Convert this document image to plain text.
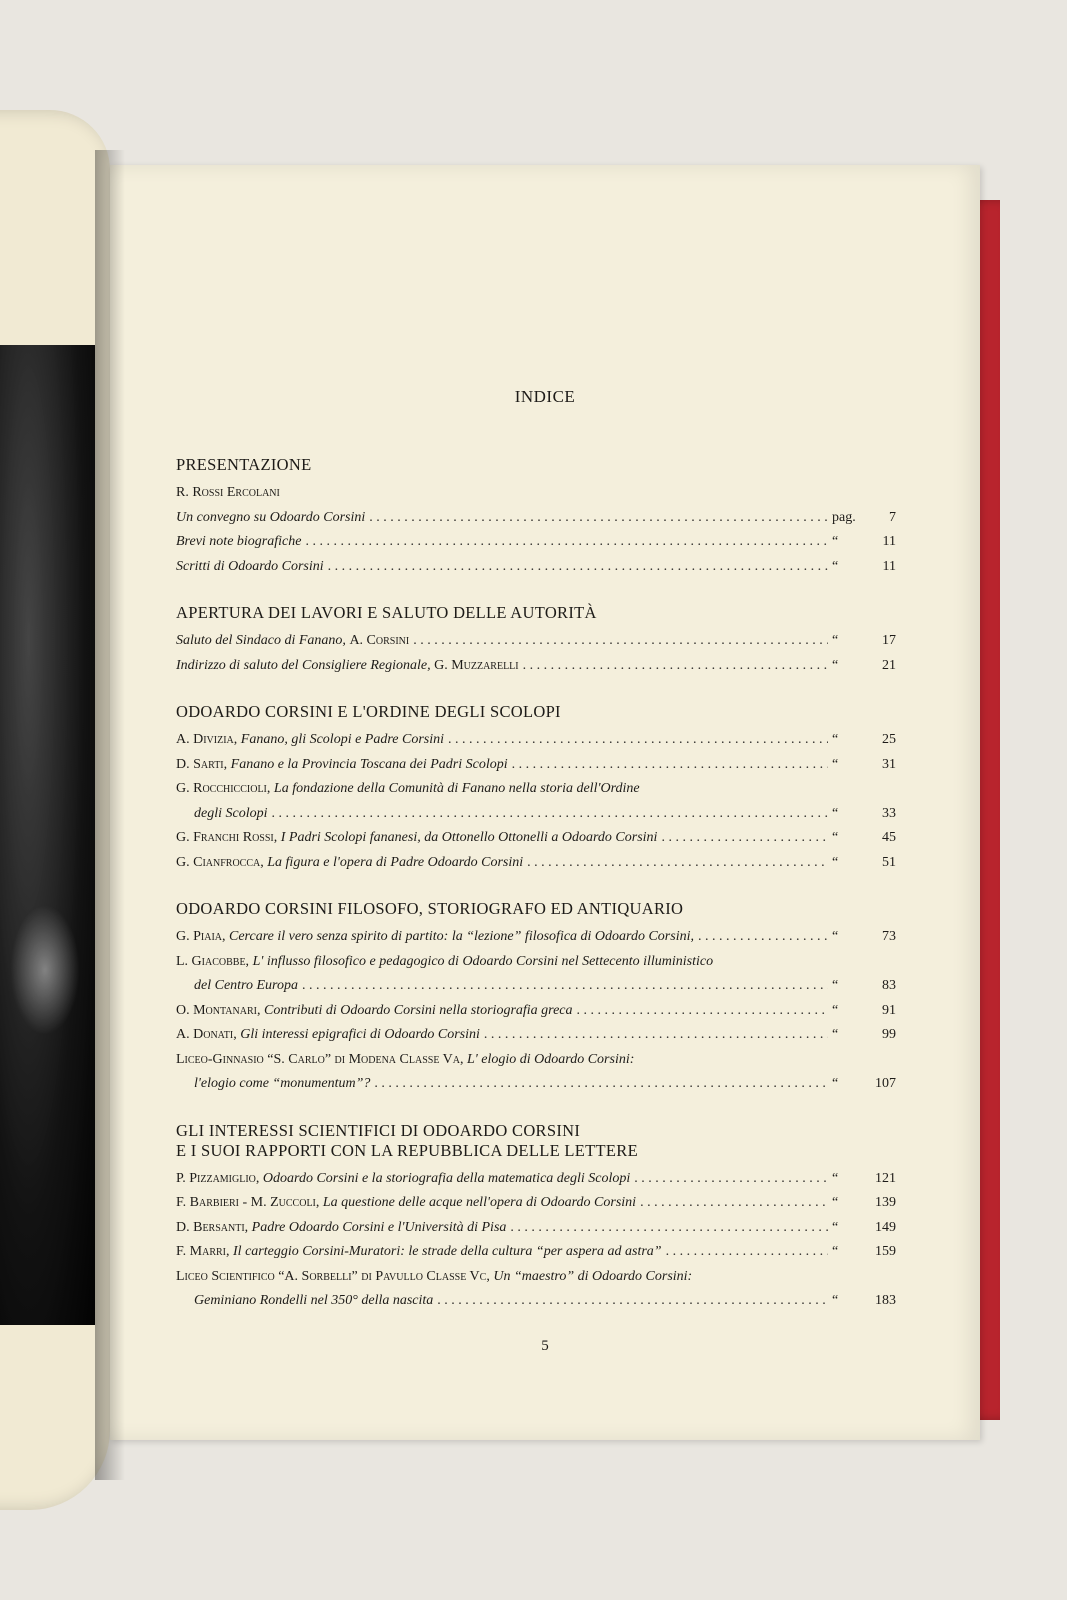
INDICE
PRESENTAZIONE
R. Rossi Ercolani
Un convegno su Odoardo Corsini . . .	pag.	7
Brevi note biografiche . . .	“	11
Scritti di Odoardo Corsini . . .	“	11
APERTURA DEI LAVORI E SALUTO DELLE AUTORITÀ
Saluto del Sindaco di Fanano, A. Corsini . . .	“	17
Indirizzo di saluto del Consigliere Regionale, G. Muzzarelli . . .	“	21
ODOARDO CORSINI E L'ORDINE DEGLI SCOLOPI
A. Divizia, Fanano, gli Scolopi e Padre Corsini . . .	“	25
D. Sarti, Fanano e la Provincia Toscana dei Padri Scolopi . . .	“	31
G. Rocchiccioli, La fondazione della Comunità di Fanano nella storia dell'Ordine
degli Scolopi . . .	“	33
G. Franchi Rossi, I Padri Scolopi fananesi, da Ottonello Ottonelli a Odoardo Corsini . . .	“	45
G. Cianfrocca, La figura e l'opera di Padre Odoardo Corsini . . .	“	51
ODOARDO CORSINI FILOSOFO, STORIOGRAFO ED ANTIQUARIO
G. Piaia, Cercare il vero senza spirito di partito: la “lezione” filosofica di Odoardo Corsini, . . .	“	73
L. Giacobbe, L' influsso filosofico e pedagogico di Odoardo Corsini nel Settecento illuministico
del Centro Europa . . .	“	83
O. Montanari, Contributi di Odoardo Corsini nella storiografia greca . . .	“	91
A. Donati, Gli interessi epigrafici di Odoardo Corsini . . .	“	99
Liceo-Ginnasio “S. Carlo” di Modena Classe Va, L' elogio di Odoardo Corsini:
l'elogio come “monumentum”? . . .	“	107
GLI INTERESSI SCIENTIFICI DI ODOARDO CORSINI
E I SUOI RAPPORTI CON LA REPUBBLICA DELLE LETTERE
P. Pizzamiglio, Odoardo Corsini e la storiografia della matematica degli Scolopi . . .	“	121
F. Barbieri - M. Zuccoli, La questione delle acque nell'opera di Odoardo Corsini . . .	“	139
D. Bersanti, Padre Odoardo Corsini e l'Università di Pisa . . .	“	149
F. Marri, Il carteggio Corsini-Muratori: le strade della cultura “per aspera ad astra” . . .	“	159
Liceo Scientifico “A. Sorbelli” di Pavullo Classe Vc, Un “maestro” di Odoardo Corsini:
Geminiano Rondelli nel 350° della nascita . . .	“	183
5
